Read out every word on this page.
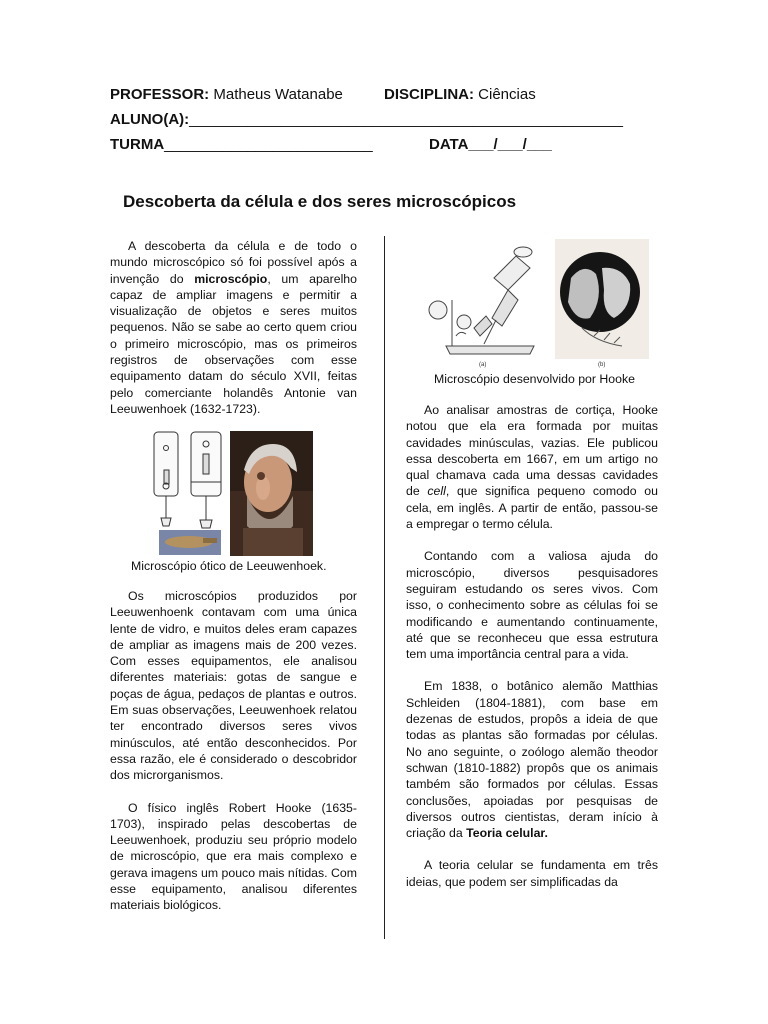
PROFESSOR: Matheus Watanabe	DISCIPLINA: Ciências
ALUNO(A):____________________________________________________
TURMA_________________________	DATA___/___/___
Descoberta da célula e dos seres microscópicos

A descoberta da célula e de todo o mundo microscópico só foi possível após a invenção do microscópio, um aparelho capaz de ampliar imagens e permitir a visualização de objetos e seres muitos pequenos. Não se sabe ao certo quem criou o primeiro microscópio, mas os primeiros registros de observações com esse equipamento datam do século XVII, feitas pelo comerciante holandês Antonie van Leeuwenhoek (1632-1723).

Microscópio ótico de Leeuwenhoek.

Os microscópios produzidos por Leeuwenhoenk contavam com uma única lente de vidro, e muitos deles eram capazes de ampliar as imagens mais de 200 vezes. Com esses equipamentos, ele analisou diferentes materiais: gotas de sangue e poças de água, pedaços de plantas e outros. Em suas observações, Leeuwenhoek relatou ter encontrado diversos seres vivos minúsculos, até então desconhecidos. Por essa razão, ele é considerado o descobridor dos microrganismos.

O físico inglês Robert Hooke (1635-1703), inspirado pelas descobertas de Leeuwenhoek, produziu seu próprio modelo de microscópio, que era mais complexo e gerava imagens um pouco mais nítidas. Com esse equipamento, analisou diferentes materiais biológicos.

(a)	(b)
Microscópio desenvolvido por Hooke

Ao analisar amostras de cortiça, Hooke notou que ela era formada por muitas cavidades minúsculas, vazias. Ele publicou essa descoberta em 1667, em um artigo no qual chamava cada uma dessas cavidades de cell, que significa pequeno comodo ou cela, em inglês. A partir de então, passou-se a empregar o termo célula.

Contando com a valiosa ajuda do microscópio, diversos pesquisadores seguiram estudando os seres vivos. Com isso, o conhecimento sobre as células foi se modificando e aumentando continuamente, até que se reconheceu que essa estrutura tem uma importância central para a vida.

Em 1838, o botânico alemão Matthias Schleiden (1804-1881), com base em dezenas de estudos, propôs a ideia de que todas as plantas são formadas por células. No ano seguinte, o zoólogo alemão theodor schwan (1810-1882) propôs que os animais também são formados por células. Essas conclusões, apoiadas por pesquisas de diversos outros cientistas, deram início à criação da Teoria celular.

A teoria celular se fundamenta em três ideias, que podem ser simplificadas da
